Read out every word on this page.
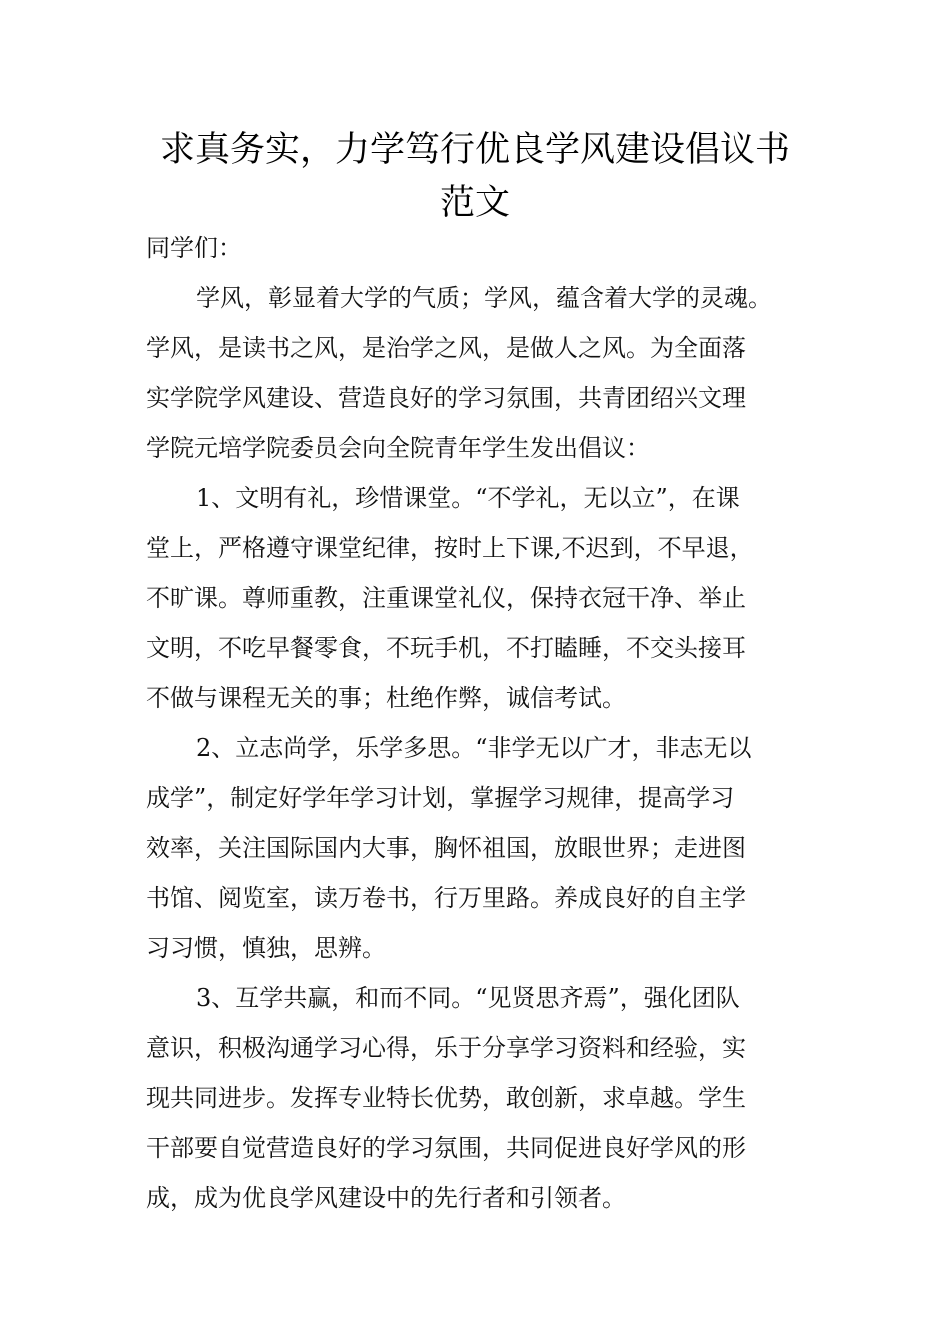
求真务实，力学笃行优良学风建设倡议书
范文
同学们：
学风，彰显着大学的气质；学风，蕴含着大学的灵魂。
学风，是读书之风，是治学之风，是做人之风。为全面落
实学院学风建设、营造良好的学习氛围，共青团绍兴文理
学院元培学院委员会向全院青年学生发出倡议：
1、文明有礼，珍惜课堂。“不学礼，无以立”，在课
堂上，严格遵守课堂纪律，按时上下课,不迟到，不早退，
不旷课。尊师重教，注重课堂礼仪，保持衣冠干净、举止
文明，不吃早餐零食，不玩手机，不打瞌睡，不交头接耳
不做与课程无关的事；杜绝作弊，诚信考试。
2、立志尚学，乐学多思。“非学无以广才，非志无以
成学”，制定好学年学习计划，掌握学习规律，提高学习
效率，关注国际国内大事，胸怀祖国，放眼世界；走进图
书馆、阅览室，读万卷书，行万里路。养成良好的自主学
习习惯，慎独，思辨。
3、互学共赢，和而不同。“见贤思齐焉”，强化团队
意识，积极沟通学习心得，乐于分享学习资料和经验，实
现共同进步。发挥专业特长优势，敢创新，求卓越。学生
干部要自觉营造良好的学习氛围，共同促进良好学风的形
成，成为优良学风建设中的先行者和引领者。
